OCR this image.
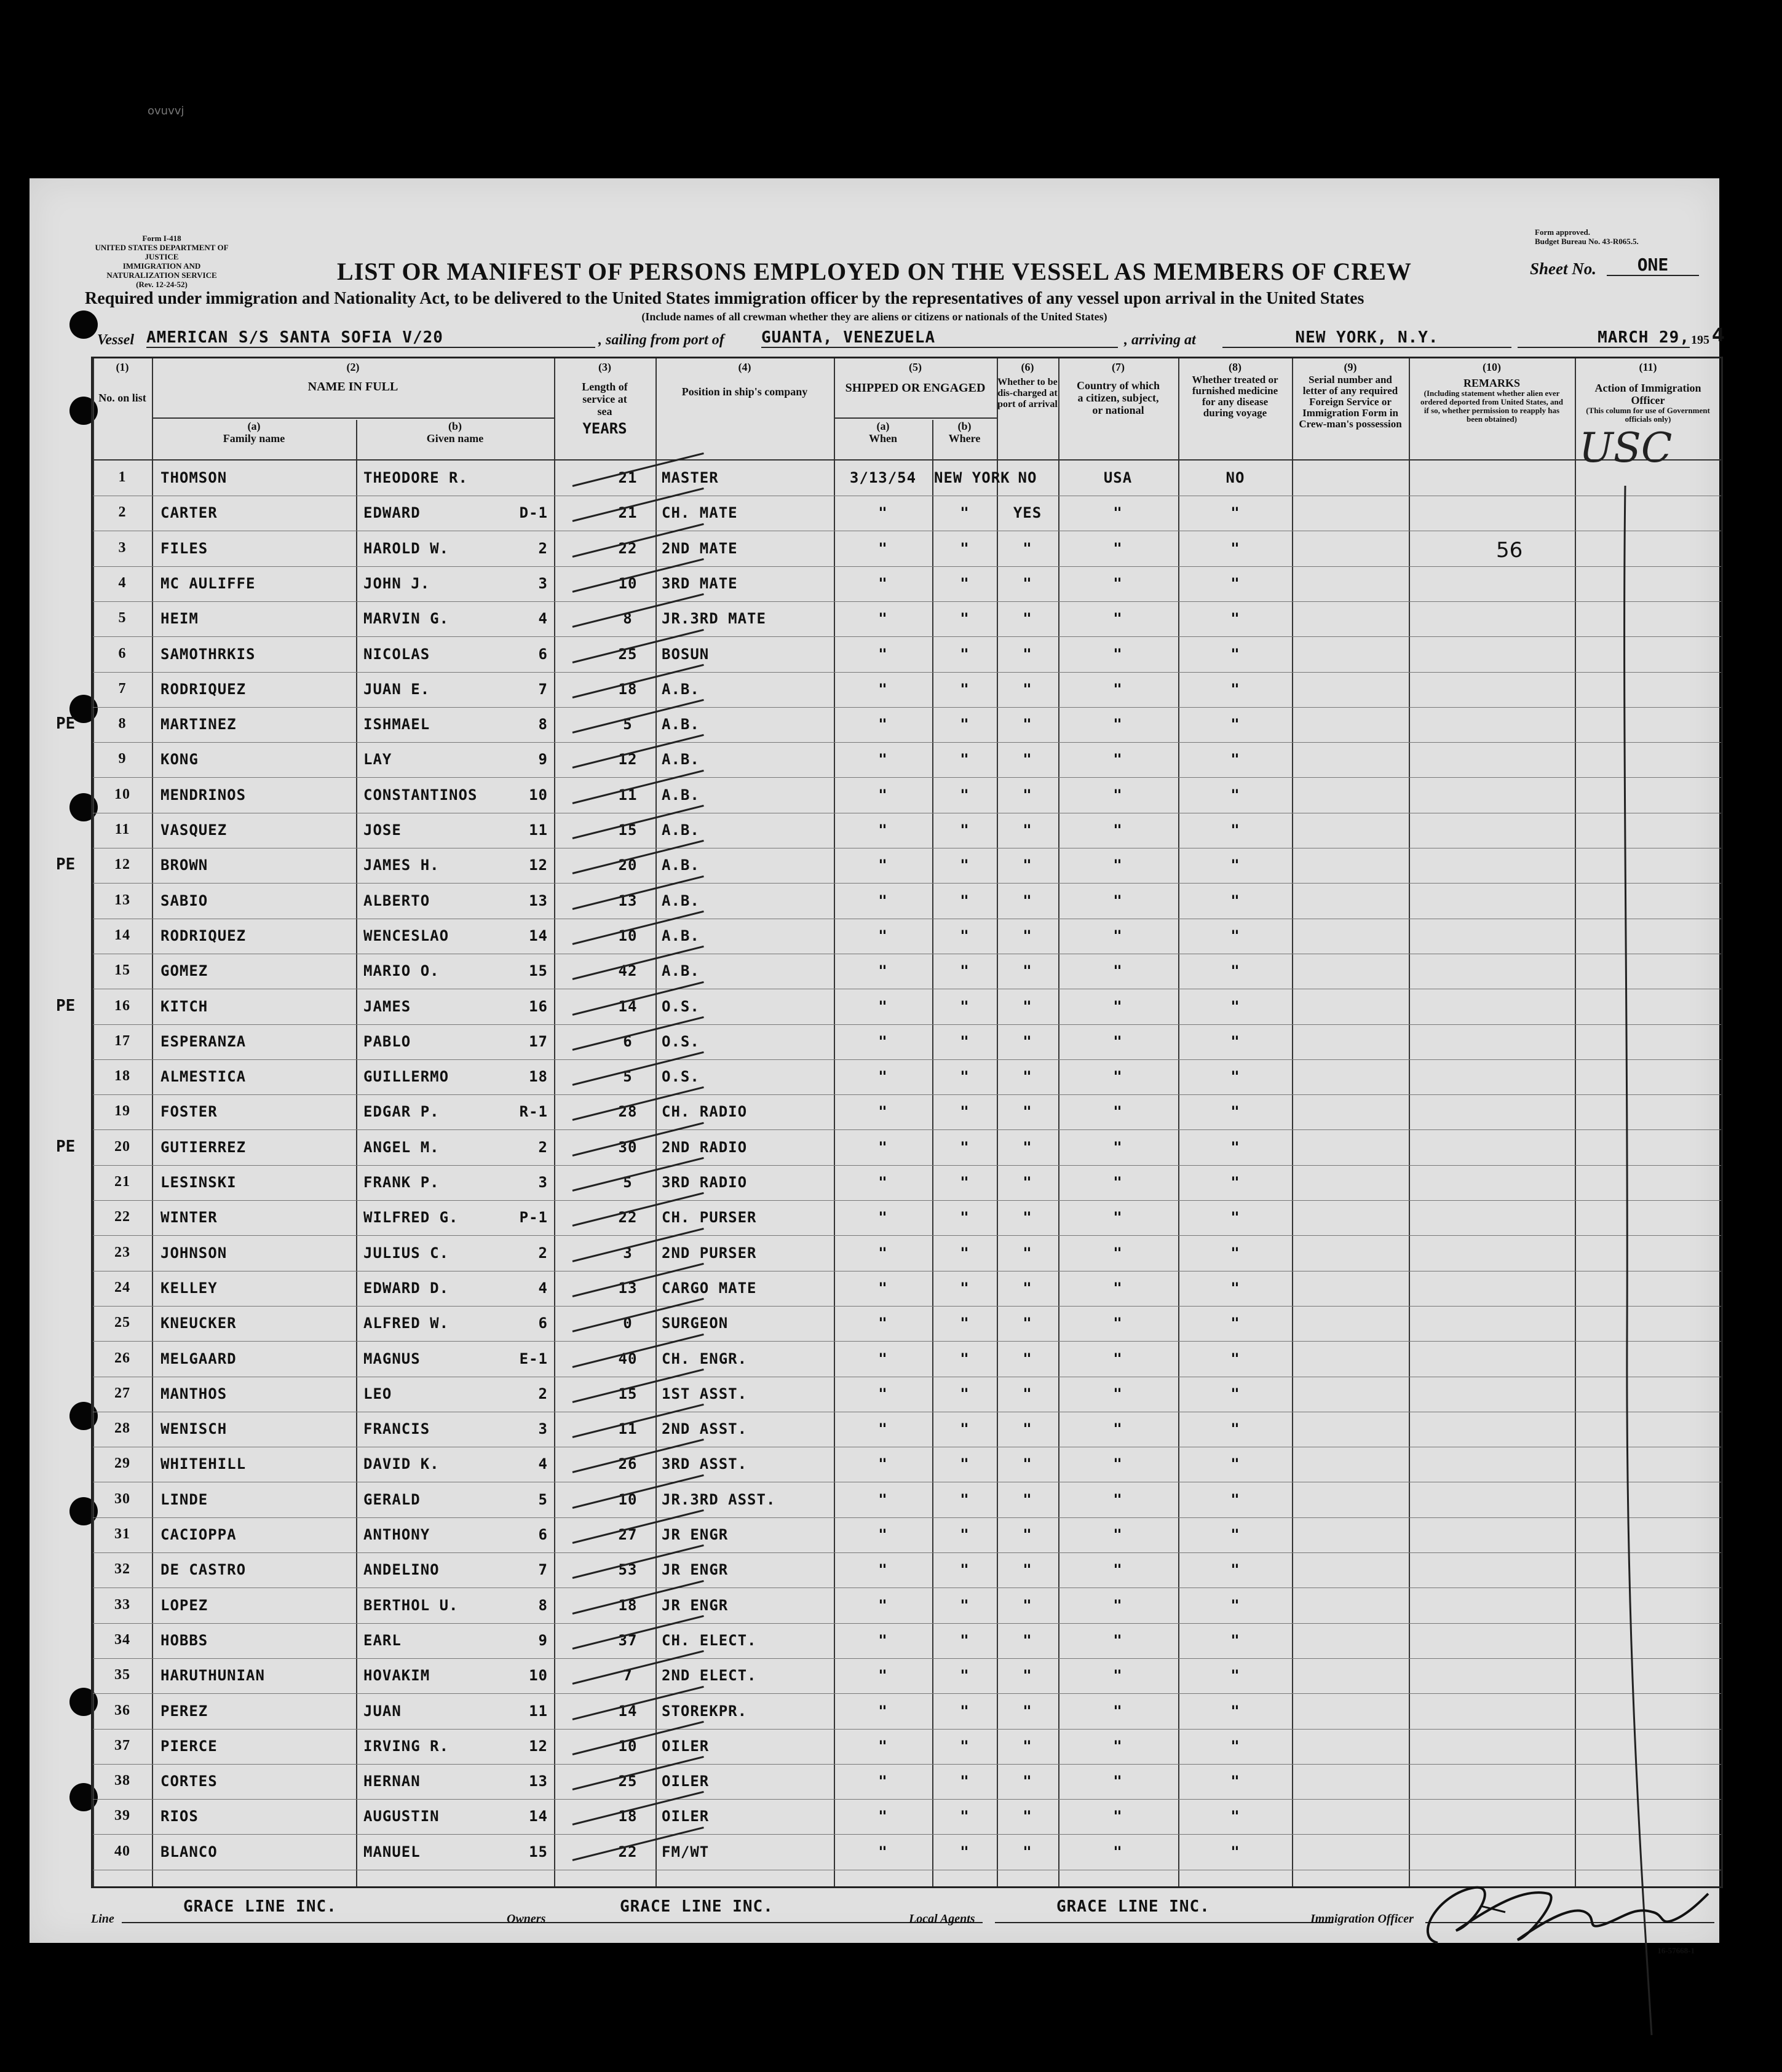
ovuvvj
Form I-418
UNITED STATES DEPARTMENT OF JUSTICE
IMMIGRATION AND NATURALIZATION SERVICE
(Rev. 12-24-52)
Form approved.
Budget Bureau No. 43-R065.5.
LIST OR MANIFEST OF PERSONS EMPLOYED ON THE VESSEL AS MEMBERS OF CREW	Sheet No.	ONE
Required under immigration and Nationality Act, to be delivered to the United States immigration officer by the representatives of any vessel upon arrival in the United States
(Include names of all crewman whether they are aliens or citizens or nationals of the United States)
Vessel AMERICAN S/S SANTA SOFIA V/20	, sailing from port of GUANTA, VENEZUELA	, arriving at	NEW YORK, N.Y.	MARCH 29, 195 4
(1)
No. on list
(2)
NAME IN FULL
(a)
Family name
(b)
Given name
(3)
Length of service at sea
YEARS
(4)
Position in ship's company
(5)
SHIPPED OR ENGAGED
(a)
When
(b)
Where
(6)
Whether to be dis-charged at port of arrival
(7)
Country of which a citizen, subject, or national
(8)
Whether treated or furnished medicine for any disease during voyage
(9)
Serial number and letter of any required Foreign Service or Immigration Form in Crew-man's possession
(10)
REMARKS
(Including statement whether alien ever ordered deported from United States, and if so, whether permission to reapply has been obtained)
(11)
Action of Immigration Officer
(This column for use of Government officials only)
1	THOMSON	THEODORE R.	21	MASTER	3/13/54	NEW YORK NO	USA	NO
2	CARTER	EDWARD	D-1	21	CH. MATE	"	"	YES	"	"
3	FILES	HAROLD W.	2	22	2ND MATE	"	"	"	"	"
4	MC AULIFFE	JOHN J.	3	10	3RD MATE	"	"	"	"	"
5	HEIM	MARVIN G.	4	8	JR.3RD MATE	"	"	"	"	"
6	SAMOTHRKIS	NICOLAS	6	25	BOSUN	"	"	"	"	"
7	RODRIQUEZ	JUAN E.	7	18	A.B.	"	"	"	"	"
8	MARTINEZ	ISHMAEL	8	5	A.B.	"	"	"	"	"
PE
9	KONG	LAY	9	12	A.B.	"	"	"	"	"
10	MENDRINOS	CONSTANTINOS	10	11	A.B.	"	"	"	"	"
11	VASQUEZ	JOSE	11	15	A.B.	"	"	"	"	"
12	BROWN	JAMES H.	12	20	A.B.	"	"	"	"	"
PE
13	SABIO	ALBERTO	13	13	A.B.	"	"	"	"	"
14	RODRIQUEZ	WENCESLAO	14	10	A.B.	"	"	"	"	"
15	GOMEZ	MARIO O.	15	42	A.B.	"	"	"	"	"
16	KITCH	JAMES	16	14	O.S.	"	"	"	"	"
PE
17	ESPERANZA	PABLO	17	6	O.S.	"	"	"	"	"
18	ALMESTICA	GUILLERMO	18	5	O.S.	"	"	"	"	"
19	FOSTER	EDGAR P.	R-1	28	CH. RADIO	"	"	"	"	"
20	GUTIERREZ	ANGEL M.	2	30	2ND RADIO	"	"	"	"	"
PE
21	LESINSKI	FRANK P.	3	5	3RD RADIO	"	"	"	"	"
22	WINTER	WILFRED G.	P-1	22	CH. PURSER	"	"	"	"	"
23	JOHNSON	JULIUS C.	2	3	2ND PURSER	"	"	"	"	"
24	KELLEY	EDWARD D.	4	13	CARGO MATE	"	"	"	"	"
25	KNEUCKER	ALFRED W.	6	0	SURGEON	"	"	"	"	"
26	MELGAARD	MAGNUS	E-1	40	CH. ENGR.	"	"	"	"	"
27	MANTHOS	LEO	2	15	1ST ASST.	"	"	"	"	"
28	WENISCH	FRANCIS	3	11	2ND ASST.	"	"	"	"	"
29	WHITEHILL	DAVID K.	4	26	3RD ASST.	"	"	"	"	"
30	LINDE	GERALD	5	10	JR.3RD ASST.	"	"	"	"	"
31	CACIOPPA	ANTHONY	6	27	JR ENGR	"	"	"	"	"
32	DE CASTRO	ANDELINO	7	53	JR ENGR	"	"	"	"	"
33	LOPEZ	BERTHOL U.	8	18	JR ENGR	"	"	"	"	"
34	HOBBS	EARL	9	37	CH. ELECT.	"	"	"	"	"
35	HARUTHUNIAN	HOVAKIM	10	7	2ND ELECT.	"	"	"	"	"
36	PEREZ	JUAN	11	14	STOREKPR.	"	"	"	"	"
37	PIERCE	IRVING R.	12	10	OILER	"	"	"	"	"
38	CORTES	HERNAN	13	25	OILER	"	"	"	"	"
39	RIOS	AUGUSTIN	14	18	OILER	"	"	"	"	"
40	BLANCO	MANUEL	15	22	FM/WT	"	"	"	"	"
USC
56
Line
GRACE LINE INC.
Owners
GRACE LINE INC.
Local Agents
GRACE LINE INC.
Immigration Officer
16-57668-1
